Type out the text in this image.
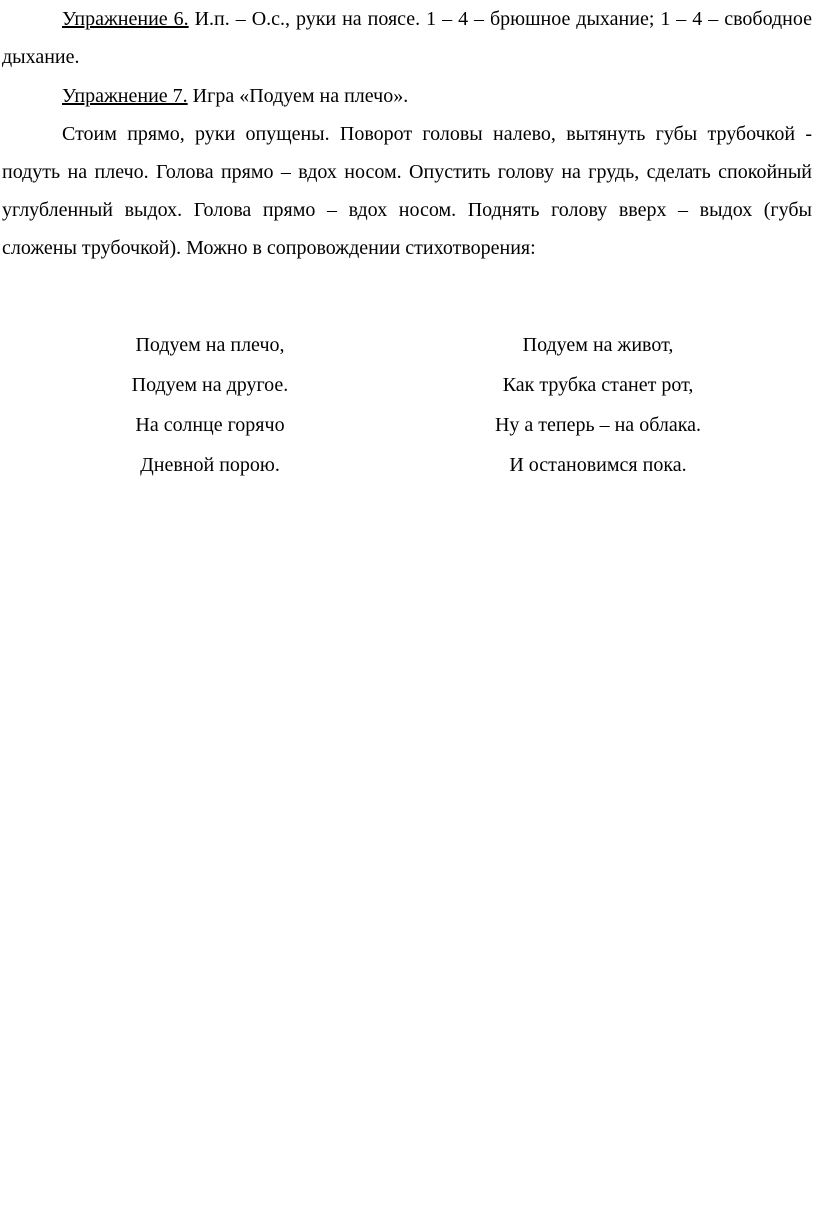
Упражнение 6. И.п. – О.с., руки на поясе. 1 – 4 – брюшное дыхание; 1 – 4 – свободное дыхание.

Упражнение 7. Игра «Подуем на плечо».

Стоим прямо, руки опущены. Поворот головы налево, вытянуть губы трубочкой - подуть на плечо. Голова прямо – вдох носом. Опустить голову на грудь, сделать спокойный углубленный выдох. Голова прямо – вдох носом. Поднять голову вверх – выдох (губы сложены трубочкой). Можно в сопровождении стихотворения:

Подуем на плечо,
Подуем на другое.
На солнце горячо
Дневной порою.
Подуем на живот,
Как трубка станет рот,
Ну а теперь – на облака.
И остановимся пока.
